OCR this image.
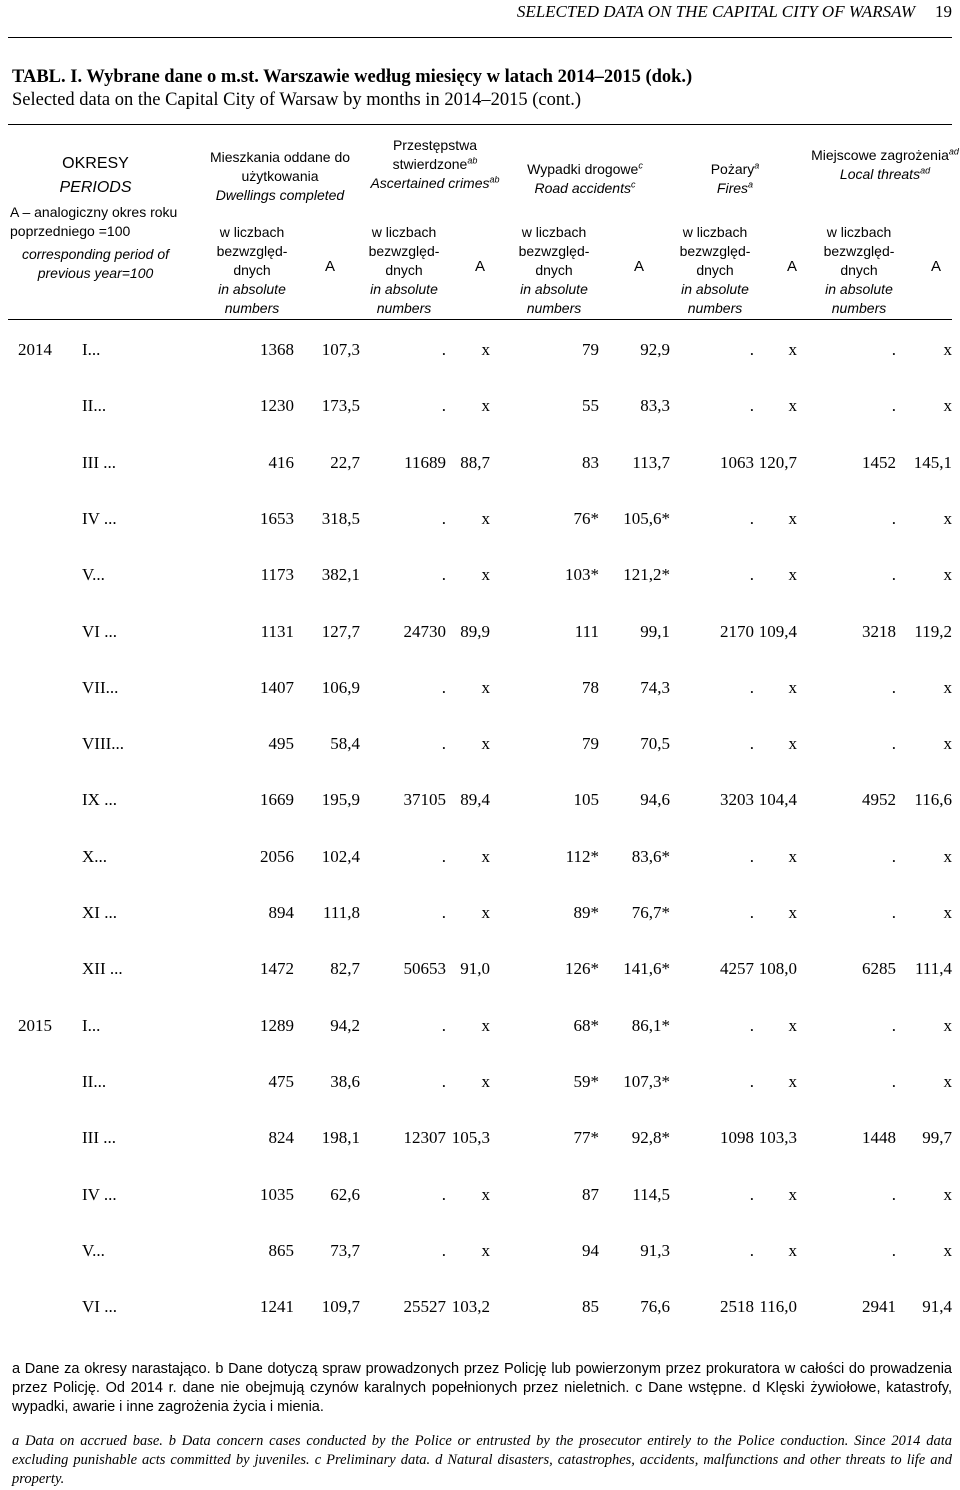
SELECTED DATA ON THE CAPITAL CITY OF WARSAW 19
TABL. I. Wybrane dane o m.st. Warszawie według miesięcy w latach 2014–2015 (dok.)
Selected data on the Capital City of Warsaw by months in 2014–2015 (cont.)
OKRESY
PERIODS
A – analogiczny okres roku poprzedniego =100
corresponding period of previous year=100
Mieszkania oddane do użytkowania
Dwellings completed
w liczbach bezwzględ-dnych
in absolute numbers
A
Przestępstwa stwierdzone$^{ab}$
Ascertained crimes$^{ab}$
w liczbach bezwzględ-dnych
in absolute numbers
A
Wypadki drogowe$^c$
Road accidents$^c$
w liczbach bezwzględ-dnych
in absolute numbers
A
Pożary$^a$
Fires$^a$
w liczbach bezwzględ-dnych
in absolute numbers
A
Miejscowe zagrożenia$^{ad}$
Local threats$^{ad}$
w liczbach bezwzględ-dnych
in absolute numbers
A
2014 I...	1368 107,3	. x	79 92,9	. x	.	x
II...	1230 173,5	. x	55 83,3	. x	.	x
III ...	416 22,7	11689 88,7	83 113,7	1063 120,7	1452 145,1
IV ...	1653 318,5	. x	76* 105,6*	. x	.	x
V...	1173 382,1	. x	103* 121,2*	. x	.	x
VI ...	1131 127,7	24730 89,9	111 99,1	2170 109,4	3218 119,2
VII...	1407 106,9	. x	78 74,3	. x	.	x
VIII...	495 58,4	. x	79 70,5	. x	.	x
IX ...	1669 195,9	37105 89,4	105 94,6	3203 104,4	4952 116,6
X...	2056 102,4	. x	112* 83,6*	. x	.	x
XI ...	894 111,8	. x	89* 76,7*	. x	.	x
XII ...	1472 82,7	50653 91,0	126* 141,6*	4257 108,0	6285 111,4
2015 I...	1289 94,2	. x	68* 86,1*	. x	.	x
II...	475 38,6	. x	59* 107,3*	. x	.	x
III ...	824 198,1	12307 105,3	77* 92,8*	1098 103,3	1448 99,7
IV ...	1035 62,6	. x	87 114,5	. x	.	x
V...	865 73,7	. x	94 91,3	. x	.	x
VI ...	1241 109,7	25527 103,2	85 76,6	2518 116,0	2941 91,4
a Dane za okresy narastająco. b Dane dotyczą spraw prowadzonych przez Policję lub powierzonym przez prokuratora w całości do prowadzenia przez Policję. Od 2014 r. dane nie obejmują czynów karalnych popełnionych przez nieletnich. c Dane wstępne. d Klęski żywiołowe, katastrofy, wypadki, awarie i inne zagrożenia życia i mienia.
a Data on accrued base. b Data concern cases conducted by the Police or entrusted by the prosecutor entirely to the Police conduction. Since 2014 data excluding punishable acts committed by juveniles. c Preliminary data. d Natural disasters, catastrophes, accidents, malfunctions and other threats to life and property.
